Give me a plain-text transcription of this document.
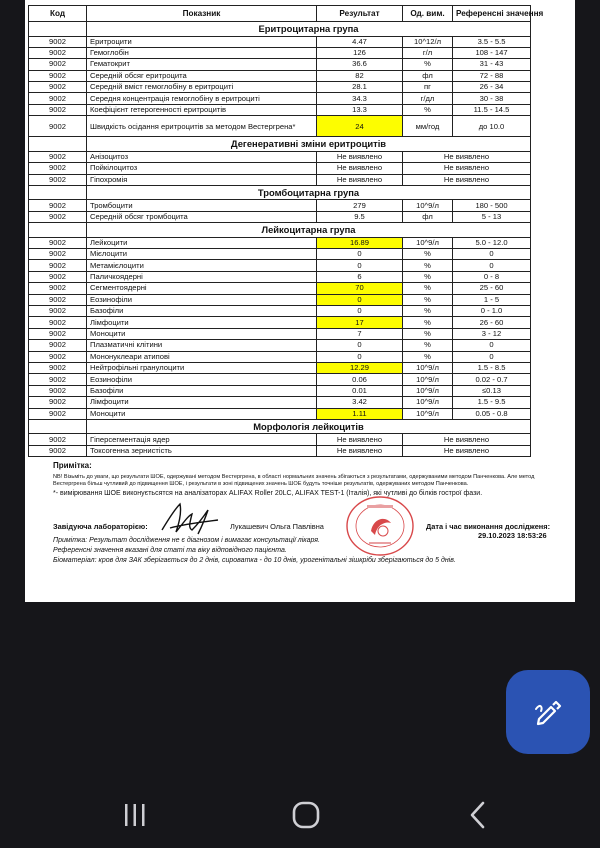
Код	Показник	Результат	Од. вим.	Референсні значення
	Еритроцитарна група			
9002	Еритроцити	4.47	10^12/л	3.5 - 5.5
9002	Гемоглобін	126	г/л	108 - 147
9002	Гематокрит	36.6	%	31 - 43
9002	Середній обсяг еритроцита	82	фл	72 - 88
9002	Середній вміст гемоглобіну в еритроциті	28.1	пг	26 - 34
9002	Середня концентрація гемоглобіну в еритроциті	34.3	г/дл	30 - 38
9002	Коефіцієнт гетерогенності еритроцитів	13.3	%	11.5 - 14.5
9002	Швидкість осідання еритроцитів за методом Вестергрена*	24	мм/год	до 10.0
	Дегенеративні зміни еритроцитів			
9002	Анізоцитоз	Не виявлено	Не виявлено	
9002	Пойкілоцитоз	Не виявлено	Не виявлено	
9002	Гіпохромія	Не виявлено	Не виявлено	
	Тромбоцитарна група			
9002	Тромбоцити	279	10^9/л	180 - 500
9002	Середній обсяг тромбоцита	9.5	фл	5 - 13
	Лейкоцитарна група			
9002	Лейкоцити	16.89	10^9/л	5.0 - 12.0
9002	Мієлоцити	0	%	0
9002	Метамієлоцити	0	%	0
9002	Паличкоядерні	6	%	0 - 8
9002	Сегментоядерні	70	%	25 - 60
9002	Еозинофіли	0	%	1 - 5
9002	Базофіли	0	%	0 - 1.0
9002	Лімфоцити	17	%	26 - 60
9002	Моноцити	7	%	3 - 12
9002	Плазматичні клітини	0	%	0
9002	Мононуклеари атипові	0	%	0
9002	Нейтрофільні гранулоцити	12.29	10^9/л	1.5 - 8.5
9002	Еозинофіли	0.06	10^9/л	0.02 - 0.7
9002	Базофіли	0.01	10^9/л	≤0.13
9002	Лімфоцити	3.42	10^9/л	1.5 - 9.5
9002	Моноцити	1.11	10^9/л	0.05 - 0.8
	Морфологія лейкоцитів			
9002	Гіперсегментація ядер	Не виявлено	Не виявлено	
9002	Токсогенна зернистість	Не виявлено	Не виявлено	
Примітка:
NB! Візьміть до уваги, що результати ШОЕ, одержувані методом Вестергрена, в області нормальних значень збігаються з результатами, одержуваними методом Панченкова. Але метод Вестергрена більш чутливий до підвищення ШОЕ, і результати в зоні підвищених значень ШОЕ будуть точніше результатів, одержуваних методом Панченкова.
*- вимірювання ШОЕ виконуєтьсятся на аналізаторах ALIFAX Roller 20LC, ALIFAX TEST-1 (Італія), які чутливі до білків гострої фази.
Завідуюча лабораторією:	Лукашевич Ольга Павлівна	Дата і час виконання дослідженя:
29.10.2023 18:53:26
Примітка: Результат дослідження не є діагнозом і вимагає консультації лікаря.
Референсні значення вказані для статі та віку відповідного пацієнта.
Біоматеріал: кров для ЗАК зберігається до 2 днів, сироватка - до 10 днів, урогенітальні зішкріби зберігаються до 5 днів.
